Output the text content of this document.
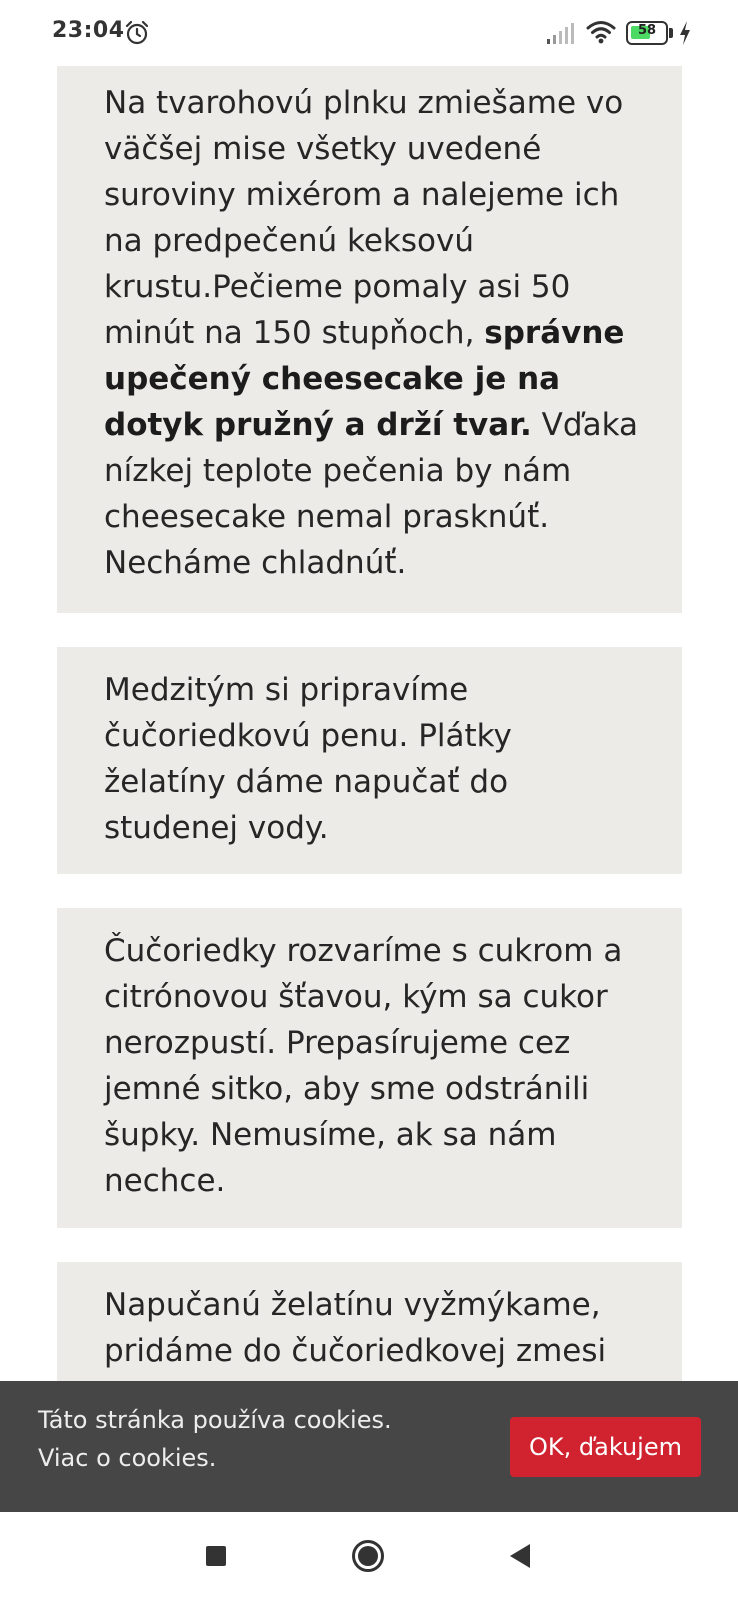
Na tvarohovú plnku zmiešame vo väčšej mise všetky uvedené suroviny mixérom a nalejeme ich na predpečenú keksovú krustu.Pečieme pomaly asi 50 minút na 150 stupňoch, správne upečený cheesecake je na dotyk pružný a drží tvar. Vďaka nízkej teplote pečenia by nám cheesecake nemal prasknúť. Necháme chladnúť.

Medzitým si pripravíme čučoriedkovú penu. Plátky želatíny dáme napučať do studenej vody.

Čučoriedky rozvaríme s cukrom a citrónovou šťavou, kým sa cukor nerozpustí. Prepasírujeme cez jemné sitko, aby sme odstránili šupky. Nemusíme, ak sa nám nechce.

Napučanú želatínu vyžmýkame, pridáme do čučoriedkovej zmesi

23:04	58
Táto stránka používa cookies.
Viac o cookies.	OK, ďakujem
